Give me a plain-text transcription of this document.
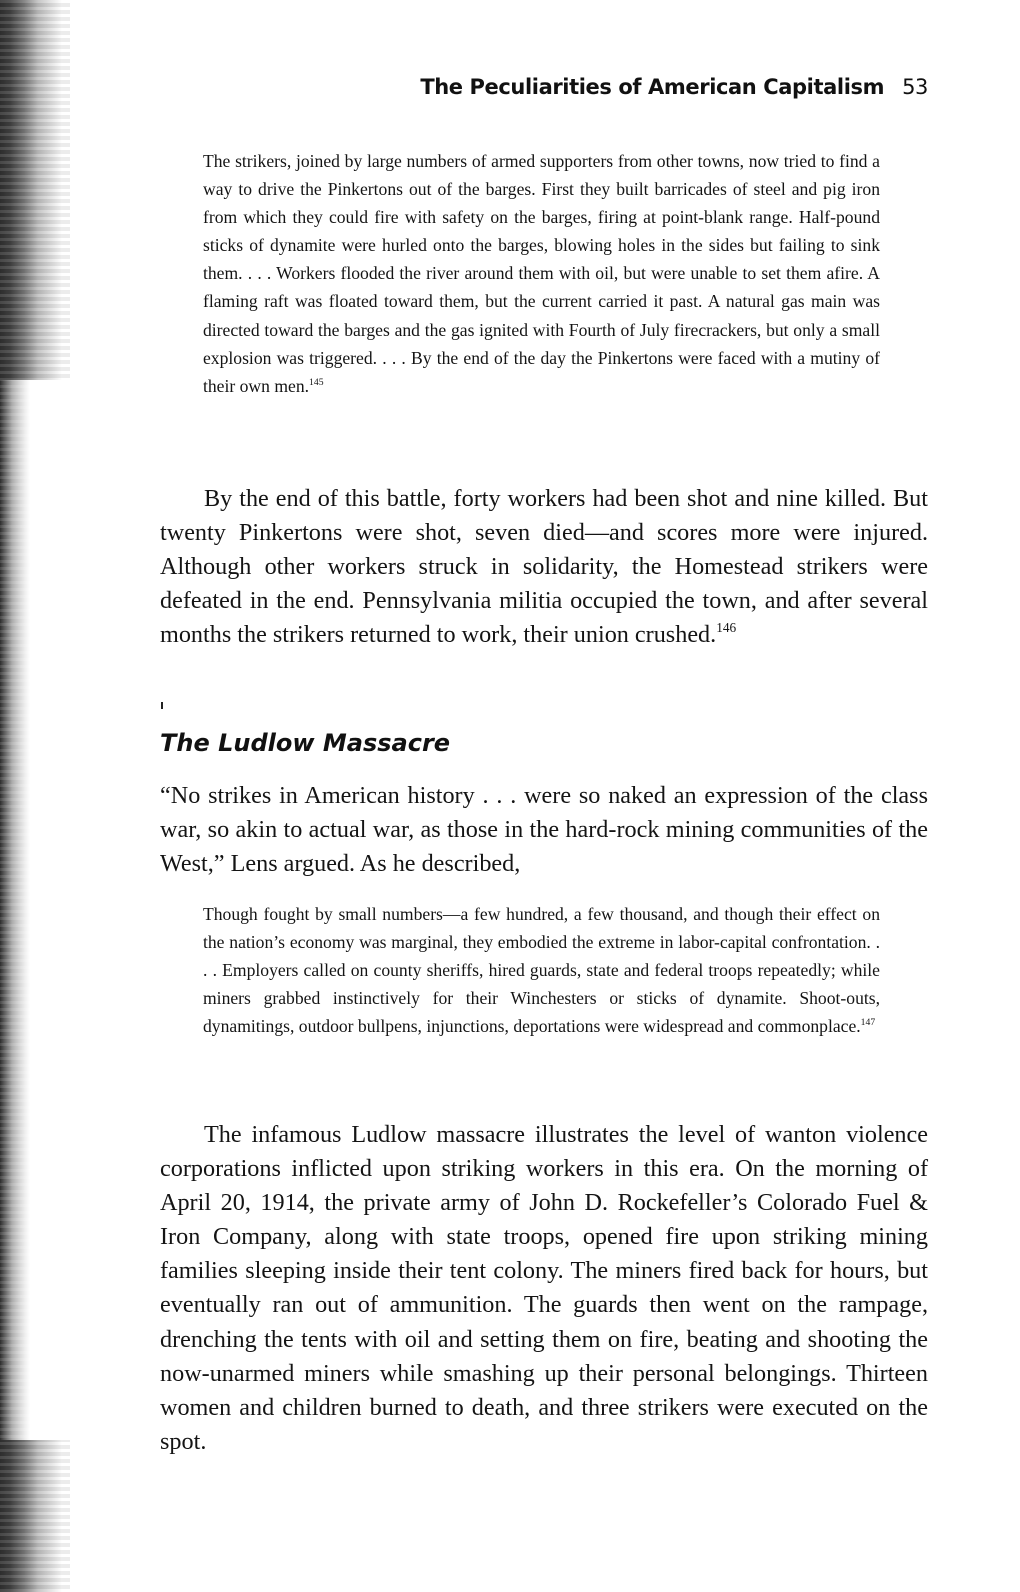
The Peculiarities of American Capitalism 53

The strikers, joined by large numbers of armed supporters from other towns, now tried to find a way to drive the Pinkertons out of the barges. First they built barricades of steel and pig iron from which they could fire with safety on the barges, firing at point-blank range. Half-pound sticks of dynamite were hurled onto the barges, blowing holes in the sides but failing to sink them. . . . Workers flooded the river around them with oil, but were unable to set them afire. A flaming raft was floated toward them, but the current carried it past. A natural gas main was directed toward the barges and the gas ignited with Fourth of July firecrackers, but only a small explosion was triggered. . . . By the end of the day the Pinkertons were faced with a mutiny of their own men.$^{145}$

By the end of this battle, forty workers had been shot and nine killed. But twenty Pinkertons were shot, seven died—and scores more were injured. Although other workers struck in solidarity, the Homestead strikers were defeated in the end. Pennsylvania militia occupied the town, and after several months the strikers returned to work, their union crushed.$^{146}$

The Ludlow Massacre

“No strikes in American history . . . were so naked an expression of the class war, so akin to actual war, as those in the hard-rock mining communities of the West,” Lens argued. As he described,

Though fought by small numbers—a few hundred, a few thousand, and though their effect on the nation’s economy was marginal, they embodied the extreme in labor-capital confrontation. . . . Employers called on county sheriffs, hired guards, state and federal troops repeatedly; while miners grabbed instinctively for their Winchesters or sticks of dynamite. Shoot-outs, dynamitings, outdoor bullpens, injunctions, deportations were widespread and commonplace.$^{147}$

The infamous Ludlow massacre illustrates the level of wanton violence corporations inflicted upon striking workers in this era. On the morning of April 20, 1914, the private army of John D. Rockefeller’s Colorado Fuel & Iron Company, along with state troops, opened fire upon striking mining families sleeping inside their tent colony. The miners fired back for hours, but eventually ran out of ammunition. The guards then went on the rampage, drenching the tents with oil and setting them on fire, beating and shooting the now-unarmed miners while smashing up their personal belongings. Thirteen women and children burned to death, and three strikers were executed on the spot.
